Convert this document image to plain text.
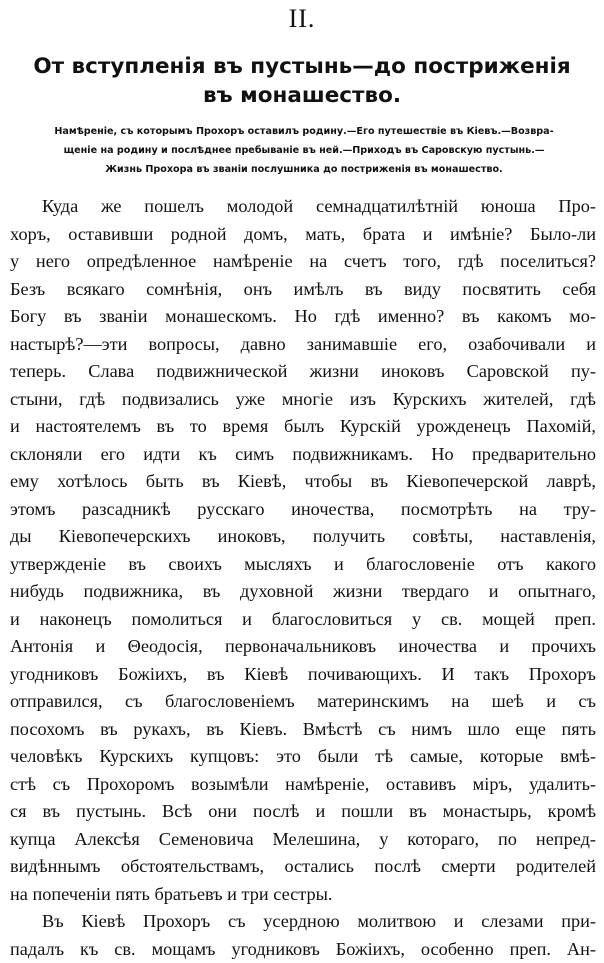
II.
От вступленія въ пустынь—до постриженія
въ монашество.
Намѣреніе, съ которымъ Прохоръ оставилъ родину.—Его путешествіе въ Кіевъ.—Возвра-
щеніе на родину и послѣднее пребываніе въ ней.—Приходъ въ Саровскую пустынь.—
Жизнь Прохора въ званіи послушника до постриженія въ монашество.
Куда же пошелъ молодой семнадцатилѣтній юноша Про-
хоръ, оставивши родной домъ, мать, брата и имѣніе? Было-ли
у него опредѣленное намѣреніе на счетъ того, гдѣ поселиться?
Безъ всякаго сомнѣнія, онъ имѣлъ въ виду посвятить себя
Богу въ званіи монашескомъ. Но гдѣ именно? въ какомъ мо-
настырѣ?—эти вопросы, давно занимавшіе его, озабочивали и
теперь. Слава подвижнической жизни иноковъ Саровской пу-
стыни, гдѣ подвизались уже многіе изъ Курскихъ жителей, гдѣ
и настоятелемъ въ то время былъ Курскій урожденецъ Пахомій,
склоняли его идти къ симъ подвижникамъ. Но предварительно
ему хотѣлось быть въ Кіевѣ, чтобы въ Кіевопечерской лаврѣ,
этомъ разсадникѣ русскаго иночества, посмотрѣть на тру-
ды Кіевопечерскихъ иноковъ, получить совѣты, наставленія,
утвержденіе въ своихъ мысляхъ и благословеніе отъ какого
нибудь подвижника, въ духовной жизни твердаго и опытнаго,
и наконецъ помолиться и благословиться у св. мощей преп.
Антонія и Θеодосія, первоначальниковъ иночества и прочихъ
угодниковъ Божіихъ, въ Кіевѣ почивающихъ. И такъ Прохоръ
отправился, съ благословеніемъ материнскимъ на шеѣ и съ
посохомъ въ рукахъ, въ Кіевъ. Вмѣстѣ съ нимъ шло еще пять
человѣкъ Курскихъ купцовъ: это были тѣ самые, которые вмѣ-
стѣ съ Прохоромъ возымѣли намѣреніе, оставивъ міръ, удалить-
ся въ пустынь. Всѣ они послѣ и пошли въ монастырь, кромѣ
купца Алексѣя Семеновича Мелешина, у котораго, по непред-
видѣннымъ обстоятельствамъ, остались послѣ смерти родителей
на попеченіи пять братьевъ и три сестры.
Въ Кіевѣ Прохоръ съ усердною молитвою и слезами при-
падалъ къ св. мощамъ угодниковъ Божіихъ, особенно преп. Ан-
